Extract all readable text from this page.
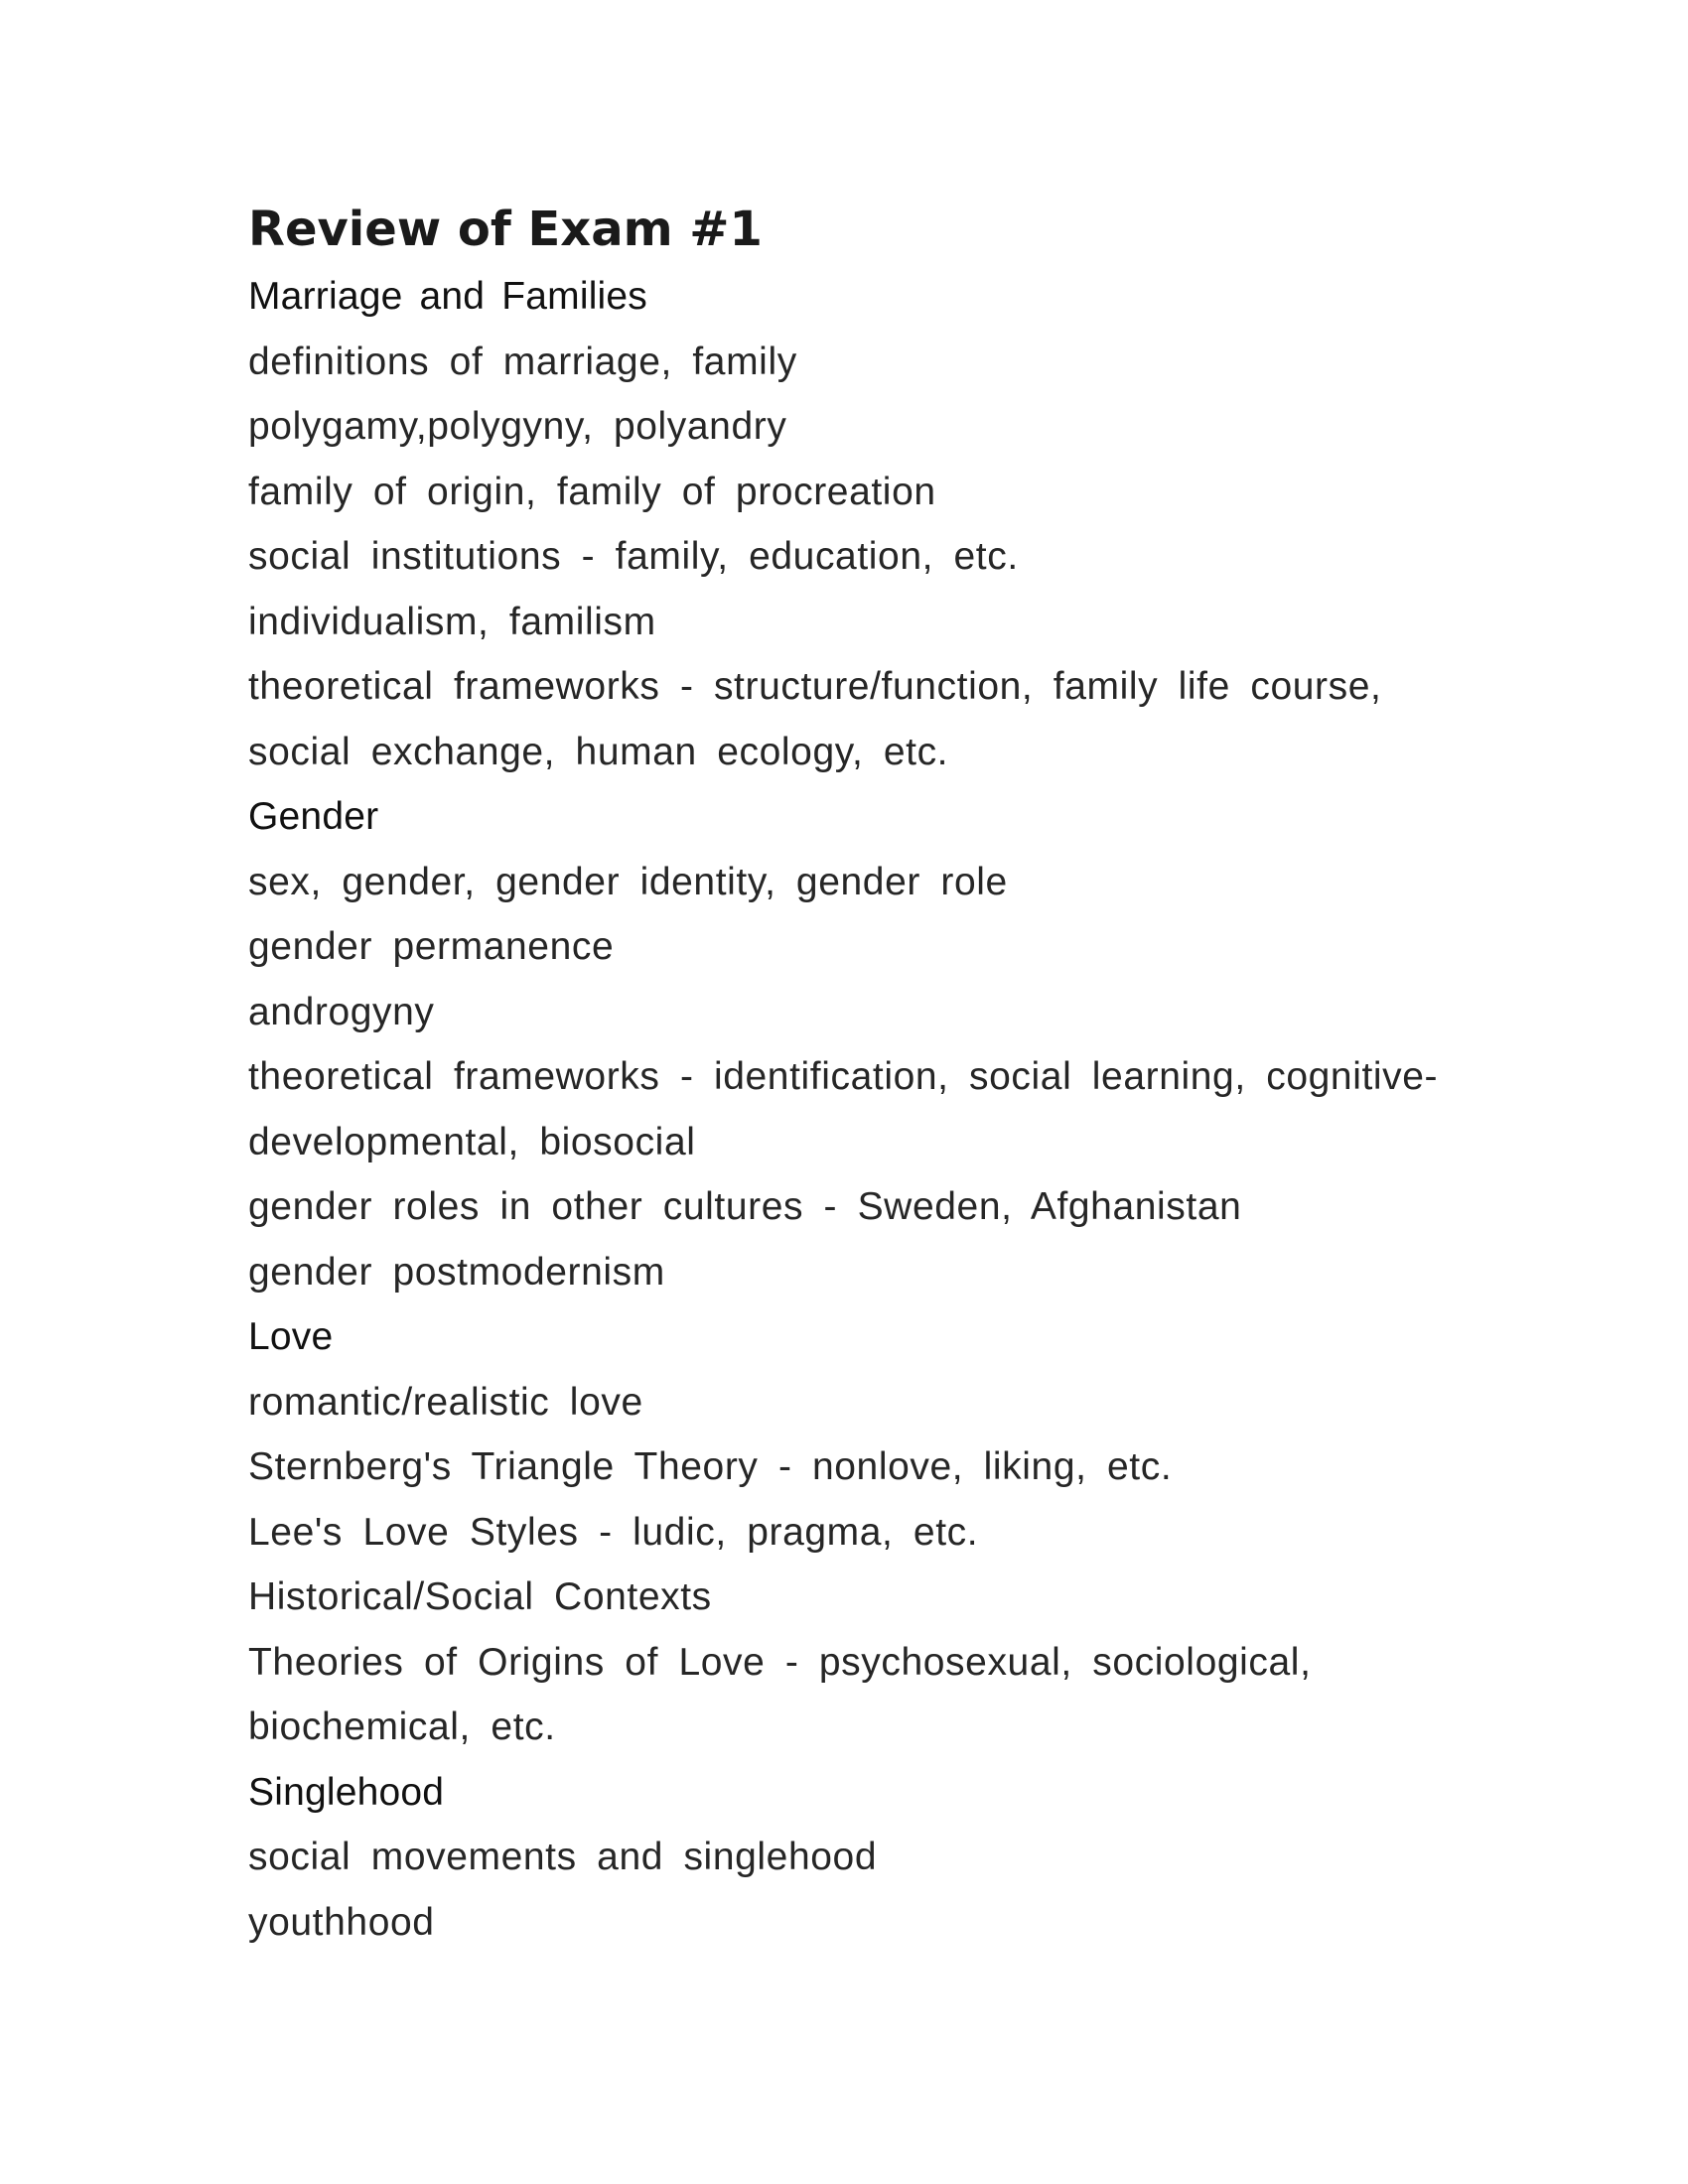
Review of Exam #1

Marriage and Families

definitions of marriage, family

polygamy,polygyny, polyandry

family of origin, family of procreation

social institutions - family, education, etc.

individualism, familism

theoretical frameworks - structure/function, family life course,

social exchange, human ecology, etc.

Gender

sex, gender, gender identity, gender role

gender permanence

androgyny

theoretical frameworks - identification, social learning, cognitive-

developmental, biosocial

gender roles in other cultures - Sweden, Afghanistan

gender postmodernism

Love

romantic/realistic love

Sternberg's Triangle Theory - nonlove, liking, etc.

Lee's Love Styles - ludic, pragma, etc.

Historical/Social Contexts

Theories of Origins of Love - psychosexual, sociological,

biochemical, etc.

Singlehood

social movements and singlehood

youthhood
